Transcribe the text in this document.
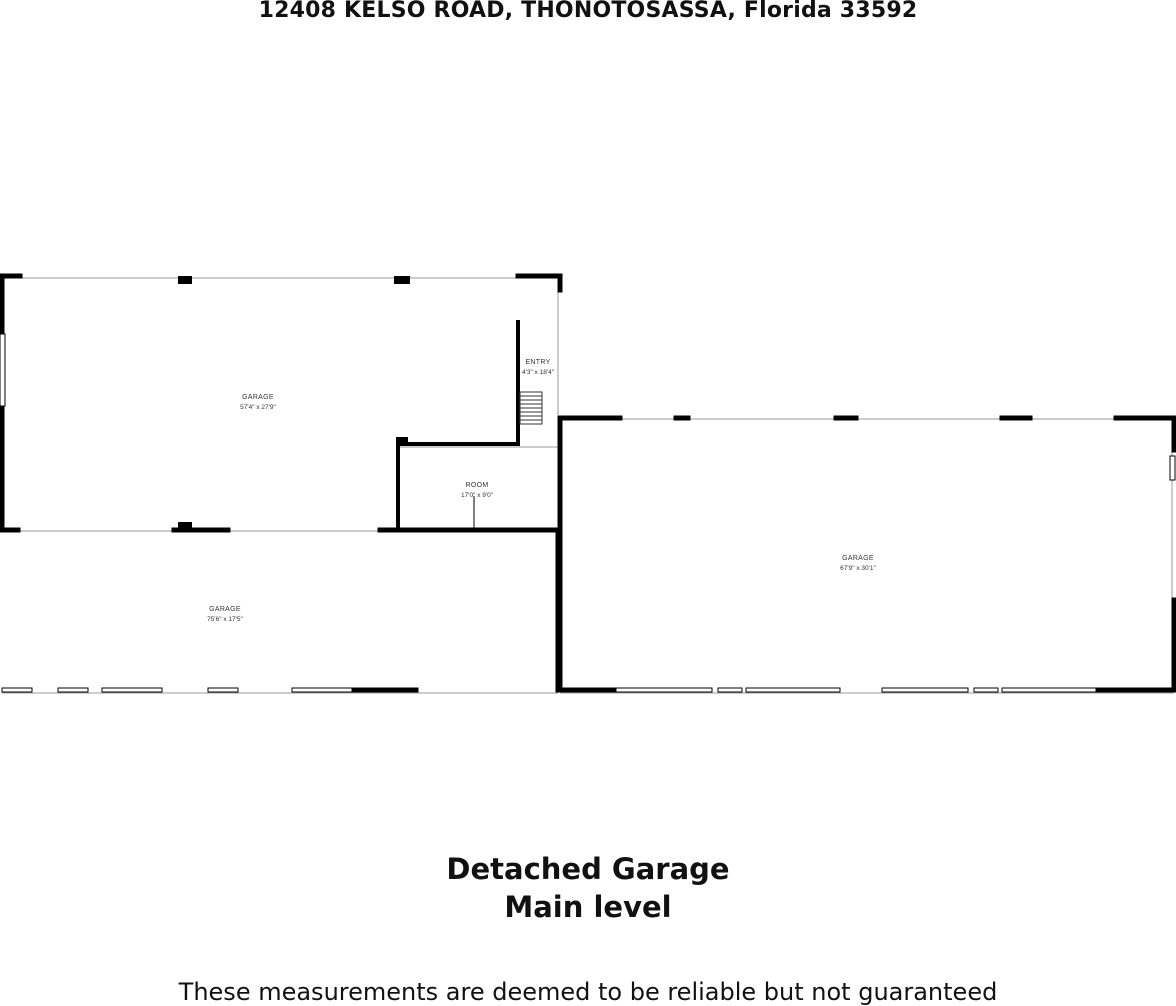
12408 KELSO ROAD, THONOTOSASSA, Florida 33592
GARAGE
57'4" x 27'9"
ENTRY
4'3" x 18'4"
ROOM
17'0" x 9'0"
GARAGE
67'9" x 30'1"
GARAGE
75'6" x 17'5"
Detached Garage
Main level
These measurements are deemed to be reliable but not guaranteed
